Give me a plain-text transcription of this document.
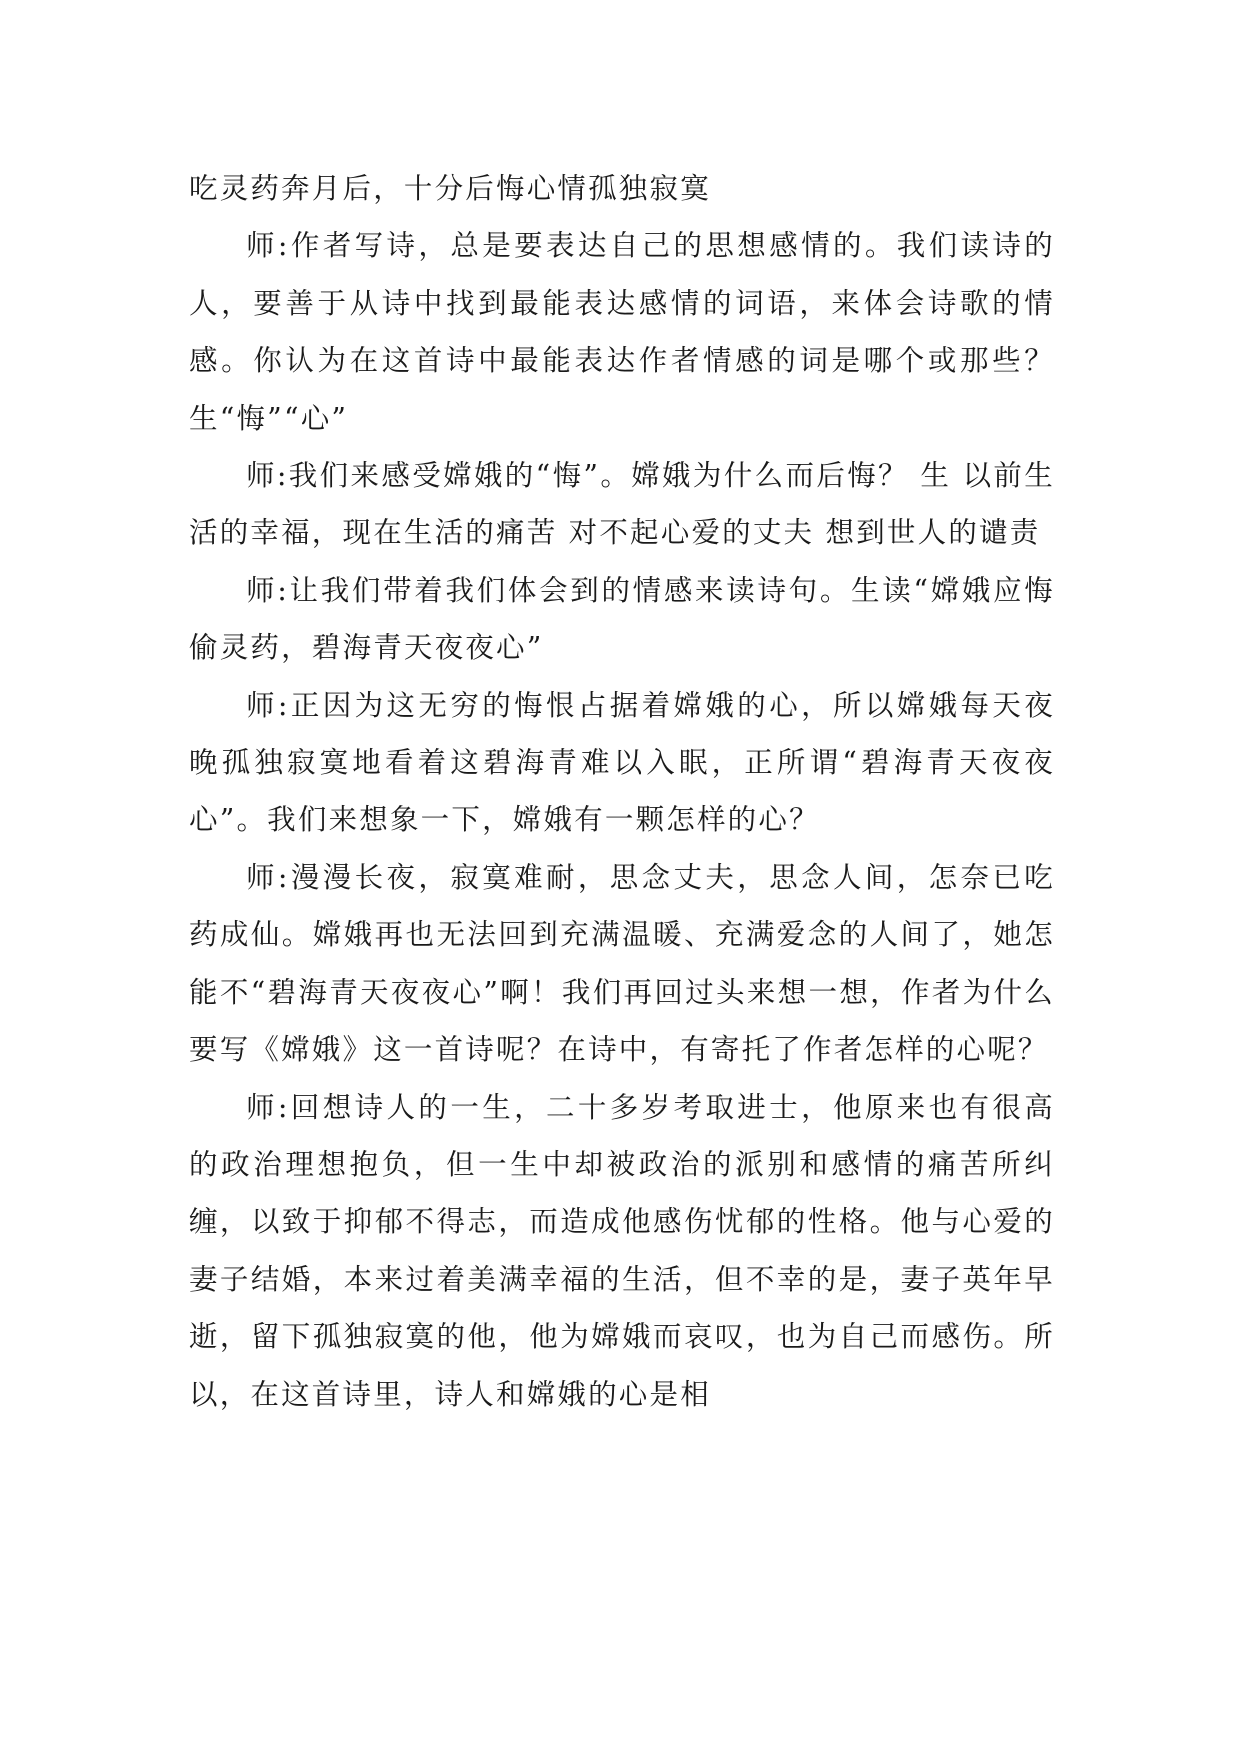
吃灵药奔月后，十分后悔心情孤独寂寞

师:作者写诗，总是要表达自己的思想感情的。我们读诗的人，要善于从诗中找到最能表达感情的词语，来体会诗歌的情感。你认为在这首诗中最能表达作者情感的词是哪个或那些？ 生“悔”“心”

师:我们来感受嫦娥的“悔”。嫦娥为什么而后悔？ 生 以前生活的幸福，现在生活的痛苦 对不起心爱的丈夫 想到世人的谴责

师:让我们带着我们体会到的情感来读诗句。生读“嫦娥应悔偷灵药，碧海青天夜夜心”

师:正因为这无穷的悔恨占据着嫦娥的心，所以嫦娥每天夜晚孤独寂寞地看着这碧海青难以入眠，正所谓“碧海青天夜夜心”。我们来想象一下，嫦娥有一颗怎样的心？

师:漫漫长夜，寂寞难耐，思念丈夫，思念人间，怎奈已吃药成仙。嫦娥再也无法回到充满温暖、充满爱念的人间了，她怎能不“碧海青天夜夜心”啊！我们再回过头来想一想，作者为什么要写《嫦娥》这一首诗呢？在诗中，有寄托了作者怎样的心呢？

师:回想诗人的一生，二十多岁考取进士，他原来也有很高的政治理想抱负，但一生中却被政治的派别和感情的痛苦所纠缠，以致于抑郁不得志，而造成他感伤忧郁的性格。他与心爱的妻子结婚，本来过着美满幸福的生活，但不幸的是，妻子英年早逝，留下孤独寂寞的他，他为嫦娥而哀叹，也为自己而感伤。所以，在这首诗里，诗人和嫦娥的心是相
